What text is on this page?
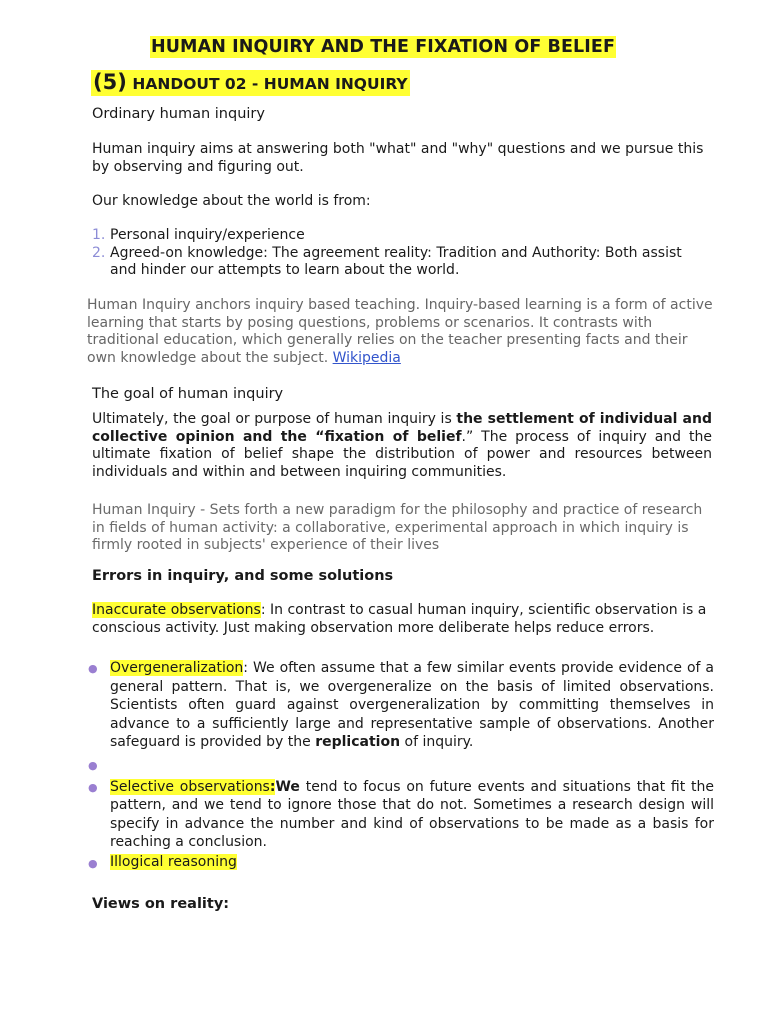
HUMAN INQUIRY AND THE FIXATION OF BELIEF
(5) HANDOUT 02 - HUMAN INQUIRY
Ordinary human inquiry

Human inquiry aims at answering both "what" and "why" questions and we pursue this by observing and figuring out.

Our knowledge about the world is from:

1. Personal inquiry/experience
2. Agreed-on knowledge: The agreement reality: Tradition and Authority: Both assist and hinder our attempts to learn about the world.

Human Inquiry anchors inquiry based teaching. Inquiry-based learning is a form of active learning that starts by posing questions, problems or scenarios. It contrasts with traditional education, which generally relies on the teacher presenting facts and their own knowledge about the subject. Wikipedia

The goal of human inquiry

Ultimately, the goal or purpose of human inquiry is the settlement of individual and collective opinion and the “fixation of belief.” The process of inquiry and the ultimate fixation of belief shape the distribution of power and resources between individuals and within and between inquiring communities.

Human Inquiry - Sets forth a new paradigm for the philosophy and practice of research in fields of human activity: a collaborative, experimental approach in which inquiry is firmly rooted in subjects' experience of their lives

Errors in inquiry, and some solutions

Inaccurate observations: In contrast to casual human inquiry, scientific observation is a conscious activity. Just making observation more deliberate helps reduce errors.

● Overgeneralization: We often assume that a few similar events provide evidence of a general pattern. That is, we overgeneralize on the basis of limited observations. Scientists often guard against overgeneralization by committing themselves in advance to a sufficiently large and representative sample of observations. Another safeguard is provided by the replication of inquiry.
●
● Selective observations:We tend to focus on future events and situations that fit the pattern, and we tend to ignore those that do not. Sometimes a research design will specify in advance the number and kind of observations to be made as a basis for reaching a conclusion.
● Illogical reasoning
Views on reality:
